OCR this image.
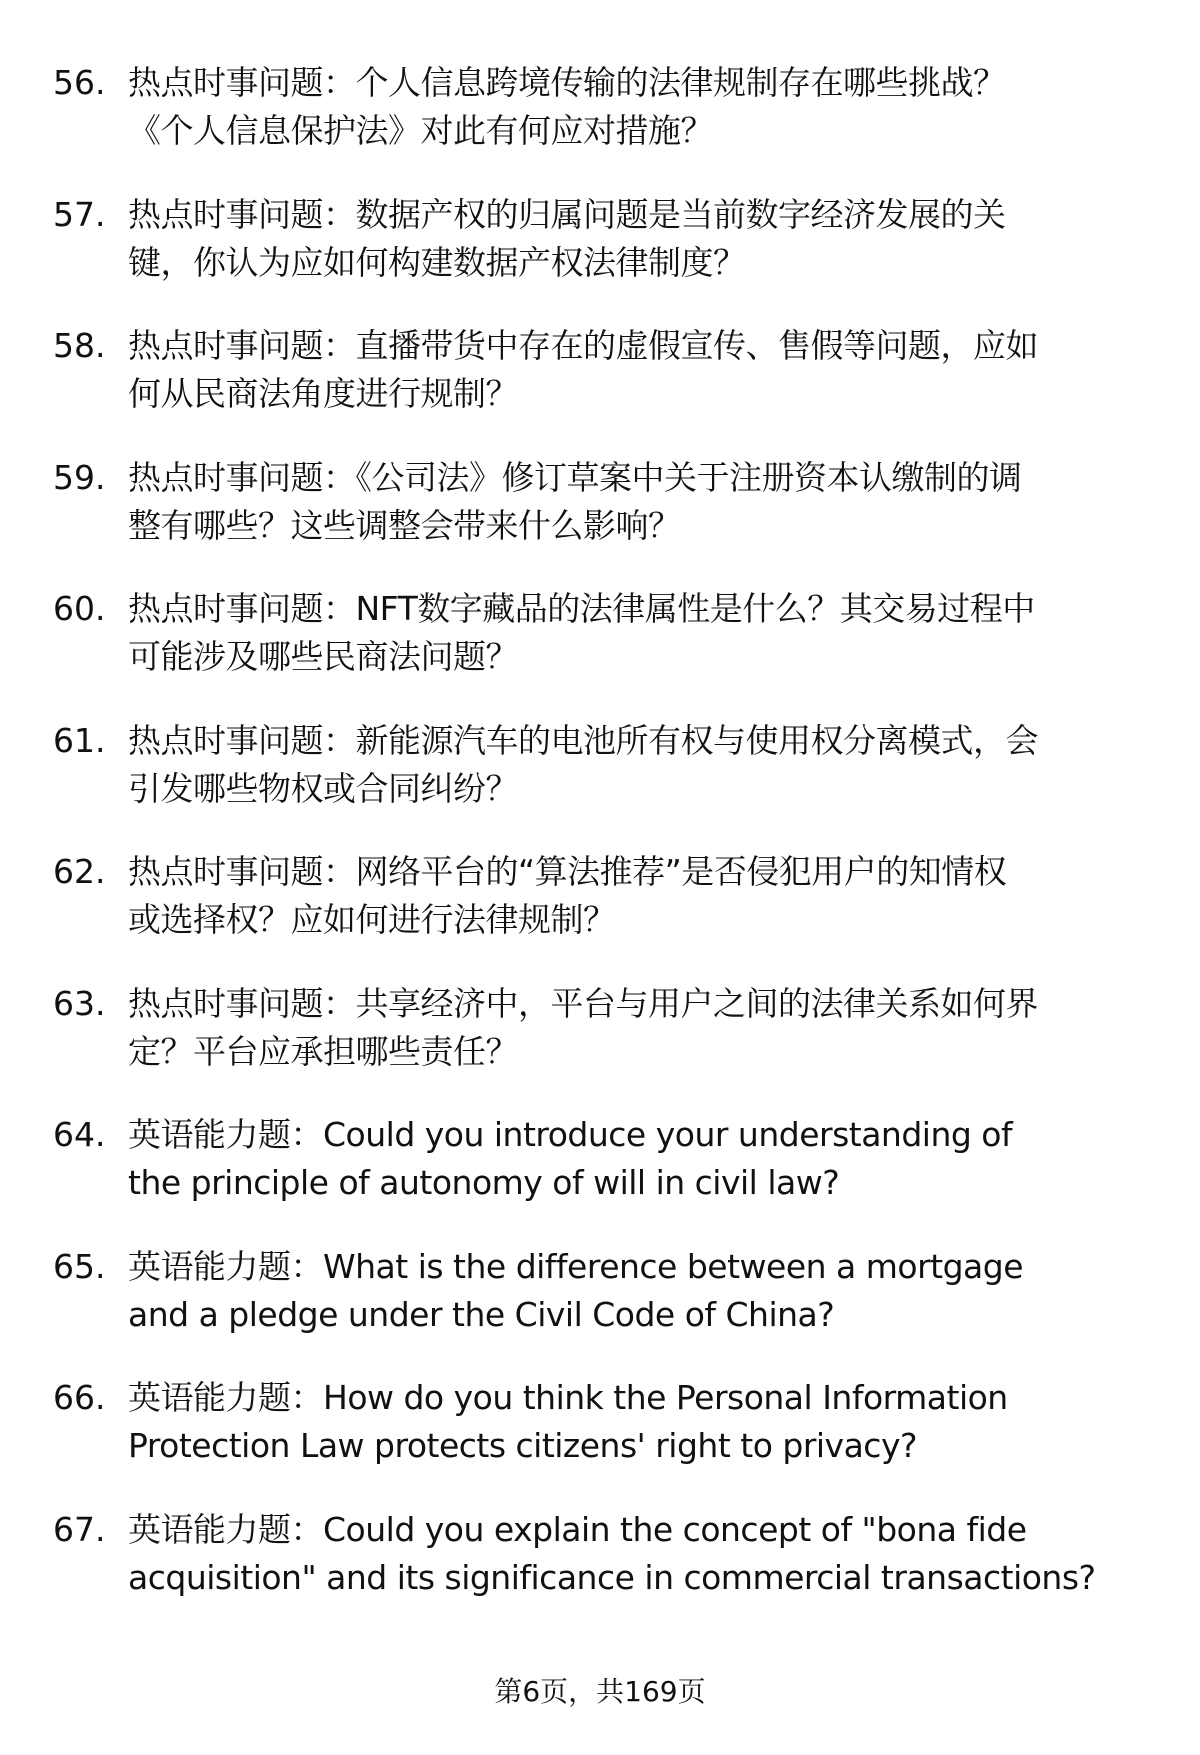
56. 热点时事问题：个人信息跨境传输的法律规制存在哪些挑战？
《个人信息保护法》对此有何应对措施？
57. 热点时事问题：数据产权的归属问题是当前数字经济发展的关
键，你认为应如何构建数据产权法律制度？
58. 热点时事问题：直播带货中存在的虚假宣传、售假等问题，应如
何从民商法角度进行规制？
59. 热点时事问题：《公司法》修订草案中关于注册资本认缴制的调
整有哪些？这些调整会带来什么影响？
60. 热点时事问题：NFT数字藏品的法律属性是什么？其交易过程中
可能涉及哪些民商法问题？
61. 热点时事问题：新能源汽车的电池所有权与使用权分离模式，会
引发哪些物权或合同纠纷？
62. 热点时事问题：网络平台的“算法推荐”是否侵犯用户的知情权
或选择权？应如何进行法律规制？
63. 热点时事问题：共享经济中，平台与用户之间的法律关系如何界
定？平台应承担哪些责任？
64. 英语能力题：Could you introduce your understanding of
the principle of autonomy of will in civil law?
65. 英语能力题：What is the difference between a mortgage
and a pledge under the Civil Code of China?
66. 英语能力题：How do you think the Personal Information
Protection Law protects citizens' right to privacy?
67. 英语能力题：Could you explain the concept of "bona fide
acquisition" and its significance in commercial transactions?
第6页，共169页
